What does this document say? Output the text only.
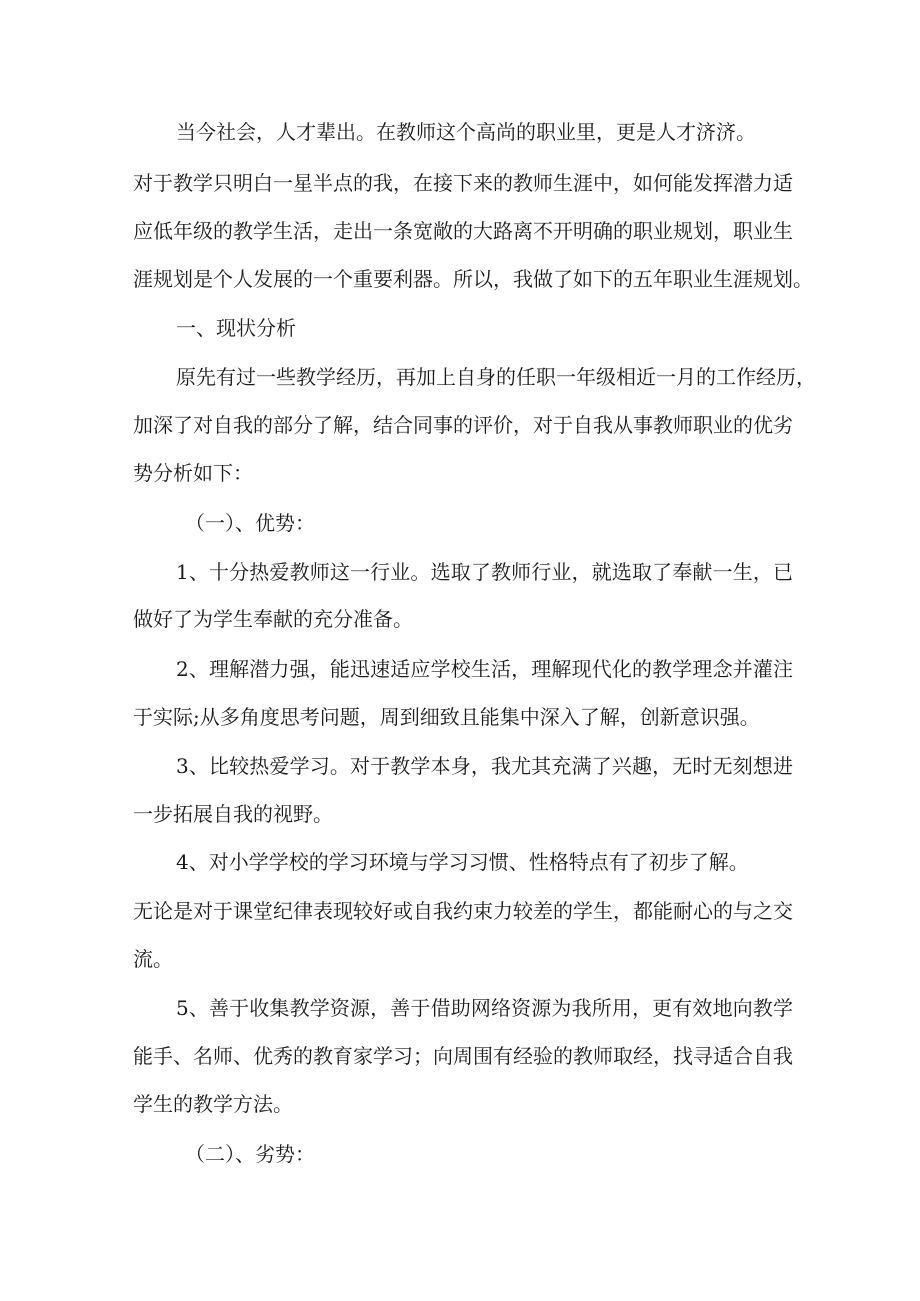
当今社会，人才辈出。在教师这个高尚的职业里，更是人才济济。
对于教学只明白一星半点的我，在接下来的教师生涯中，如何能发挥潜力适
应低年级的教学生活，走出一条宽敞的大路离不开明确的职业规划，职业生
涯规划是个人发展的一个重要利器。所以，我做了如下的五年职业生涯规划。
一、现状分析
原先有过一些教学经历，再加上自身的任职一年级相近一月的工作经历，
加深了对自我的部分了解，结合同事的评价，对于自我从事教师职业的优劣
势分析如下：
（一）、优势：
1、十分热爱教师这一行业。选取了教师行业，就选取了奉献一生，已
做好了为学生奉献的充分准备。
2、理解潜力强，能迅速适应学校生活，理解现代化的教学理念并灌注
于实际;从多角度思考问题，周到细致且能集中深入了解，创新意识强。
3、比较热爱学习。对于教学本身，我尤其充满了兴趣，无时无刻想进
一步拓展自我的视野。
4、对小学学校的学习环境与学习习惯、性格特点有了初步了解。
无论是对于课堂纪律表现较好或自我约束力较差的学生，都能耐心的与之交
流。
5、善于收集教学资源，善于借助网络资源为我所用，更有效地向教学
能手、名师、优秀的教育家学习；向周围有经验的教师取经，找寻适合自我
学生的教学方法。
（二）、劣势：
